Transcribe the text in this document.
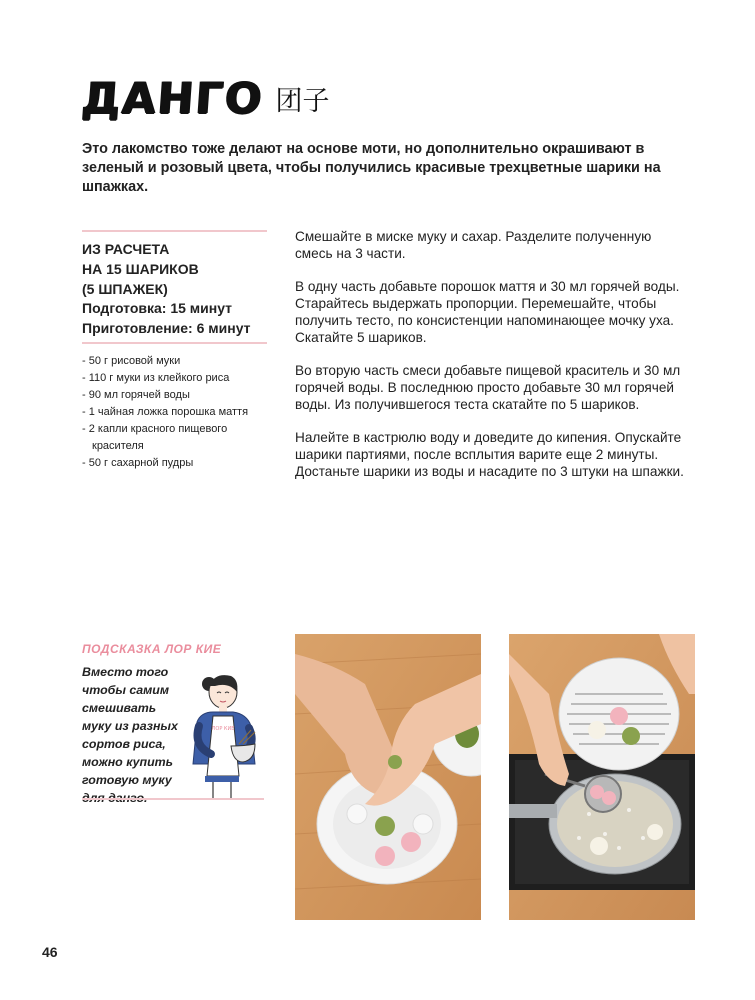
ДАНГО 团子

Это лакомство тоже делают на основе моти, но дополнительно окрашивают в зеленый и розовый цвета, чтобы получились красивые трехцветные шарики на шпажках.

ИЗ РАСЧЕТА
НА 15 ШАРИКОВ
(5 ШПАЖЕК)
Подготовка: 15 минут
Приготовление: 6 минут
- 50 г рисовой муки
- 110 г муки из клейкого риса
- 90 мл горячей воды
- 1 чайная ложка порошка маття
- 2 капли красного пищевого красителя
- 50 г сахарной пудры

Смешайте в миске муку и сахар. Разделите полученную смесь на 3 части.

В одну часть добавьте порошок маття и 30 мл горячей воды. Старайтесь выдержать пропорции. Перемешайте, чтобы получить тесто, по консистенции напоминающее мочку уха. Скатайте 5 шариков.

Во вторую часть смеси добавьте пищевой краситель и 30 мл горячей воды. В последнюю просто добавьте 30 мл горячей воды. Из получившегося теста скатайте по 5 шариков.

Налейте в кастрюлю воду и доведите до кипения. Опускайте шарики партиями, после всплытия варите еще 2 минуты. Достаньте шарики из воды и насадите по 3 штуки на шпажки.

ПОДСКАЗКА ЛОР КИЕ

Вместо того чтобы самим смешивать муку из разных сортов риса, можно купить готовую муку

ЛОР КИЕ
46
